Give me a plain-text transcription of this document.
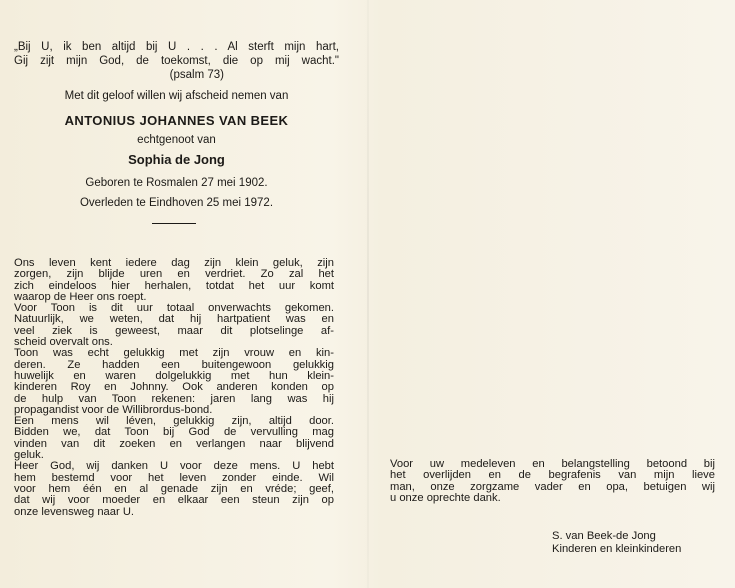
„Bij U, ik ben altijd bij U . . . Al sterft mijn hart,
Gij zijt mijn God, de toekomst, die op mij wacht."
(psalm 73)
Met dit geloof willen wij afscheid nemen van
ANTONIUS JOHANNES VAN BEEK
echtgenoot van
Sophia de Jong
Geboren te Rosmalen 27 mei 1902.
Overleden te Eindhoven 25 mei 1972.
Ons leven kent iedere dag zijn klein geluk, zijn
zorgen, zijn blijde uren en verdriet. Zo zal het
zich eindeloos hier herhalen, totdat het uur komt
waarop de Heer ons roept.
Voor Toon is dit uur totaal onverwachts gekomen.
Natuurlijk, we weten, dat hij hartpatient was en
veel ziek is geweest, maar dit plotselinge af-
scheid overvalt ons.
Toon was echt gelukkig met zijn vrouw en kin-
deren. Ze hadden een buitengewoon gelukkig
huwelijk en waren dolgelukkig met hun klein-
kinderen Roy en Johnny. Ook anderen konden op
de hulp van Toon rekenen: jaren lang was hij
propagandist voor de Willibrordus-bond.
Een mens wil léven, gelukkig zijn, altijd door.
Bidden we, dat Toon bij God de vervulling mag
vinden van dit zoeken en verlangen naar blijvend
geluk.
Heer God, wij danken U voor deze mens. U hebt
hem bestemd voor het leven zonder einde. Wil
voor hem één en al genade zijn en vréde; geef,
dat wij voor moeder en elkaar een steun zijn op
onze levensweg naar U.
Voor uw medeleven en belangstelling betoond bij
het overlijden en de begrafenis van mijn lieve
man, onze zorgzame vader en opa, betuigen wij
u onze oprechte dank.
S. van Beek-de Jong
Kinderen en kleinkinderen
